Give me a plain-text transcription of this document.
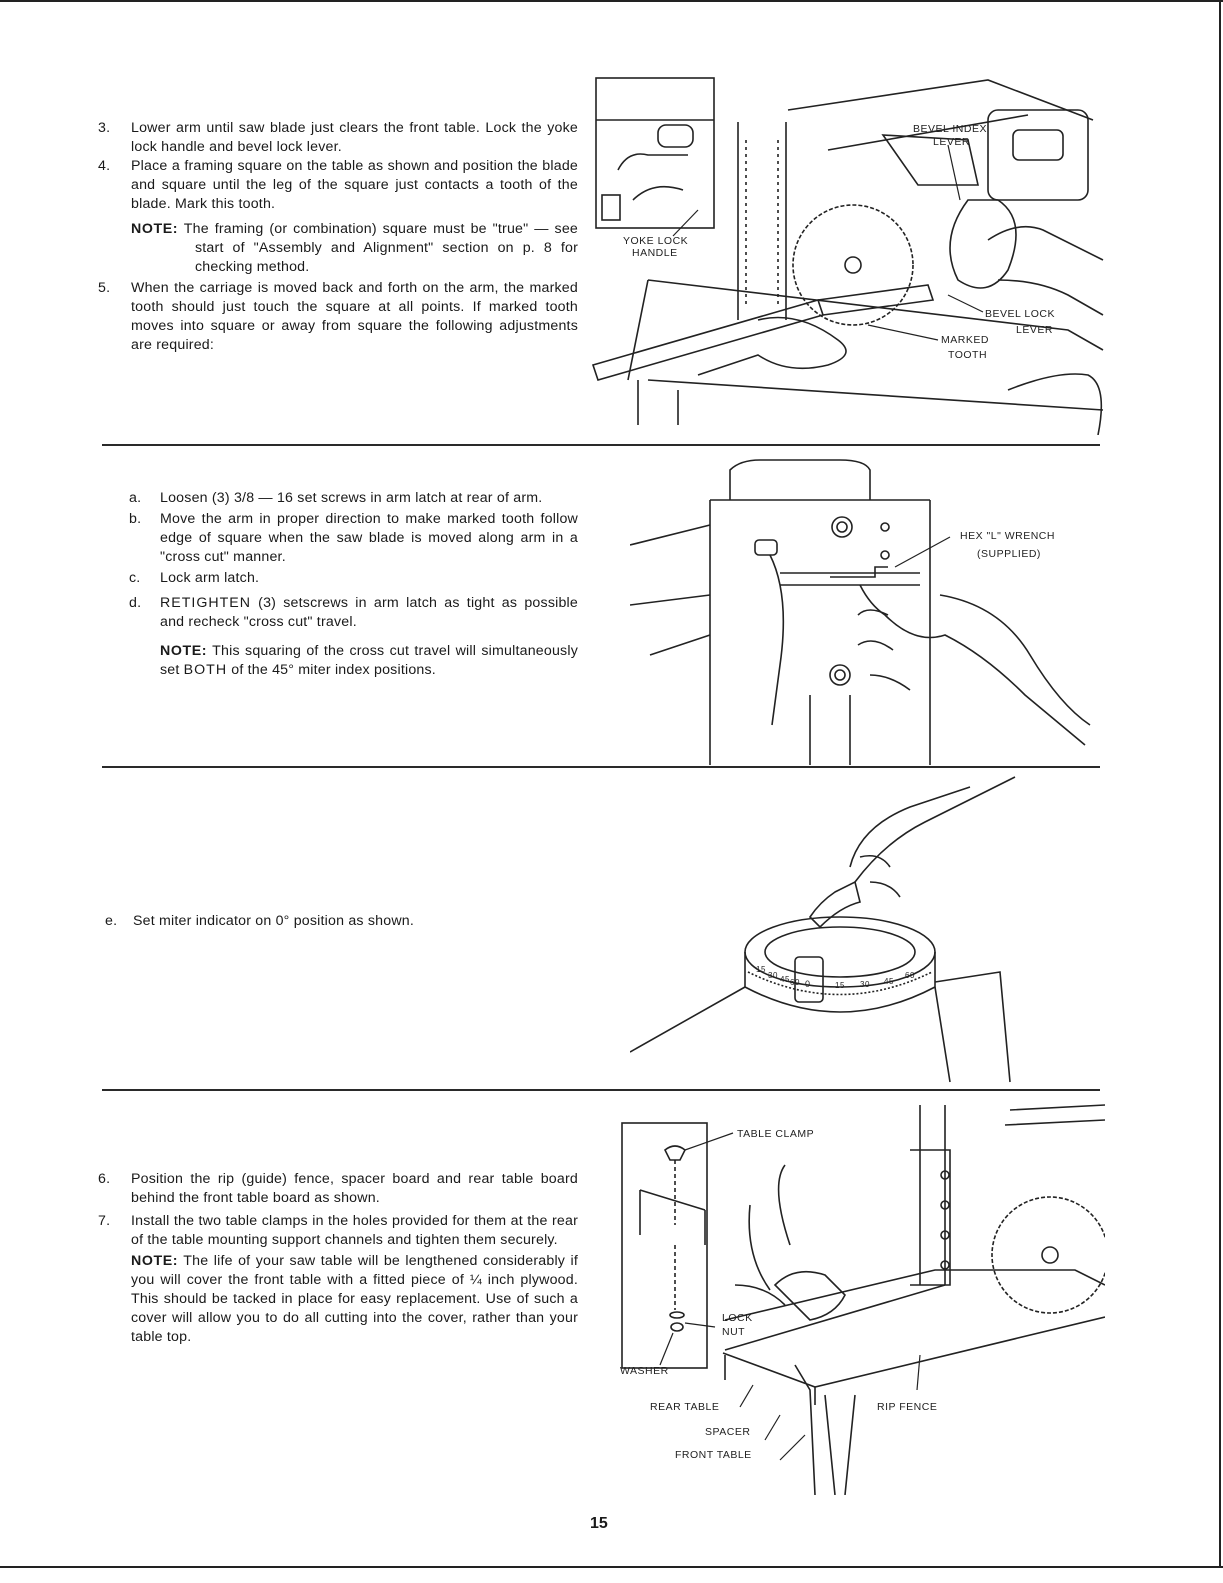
3. Lower arm until saw blade just clears the front table. Lock the yoke lock handle and bevel lock lever.
4. Place a framing square on the table as shown and position the blade and square until the leg of the square just contacts a tooth of the blade. Mark this tooth.
NOTE: The framing (or combination) square must be "true" — see start of "Assembly and Alignment" section on p. 8 for checking method.
5. When the carriage is moved back and forth on the arm, the marked tooth should just touch the square at all points. If marked tooth moves into square or away from square the following adjustments are required:
BEVEL INDEX
LEVER
YOKE LOCK
HANDLE
BEVEL LOCK
LEVER
MARKED
TOOTH
a. Loosen (3) 3/8 — 16 set screws in arm latch at rear of arm.
b. Move the arm in proper direction to make marked tooth follow edge of square when the saw blade is moved along arm in a "cross cut" manner.
c. Lock arm latch.
d. RETIGHTEN (3) setscrews in arm latch as tight as possible and recheck "cross cut" travel.
NOTE: This squaring of the cross cut travel will simultaneously set BOTH of the 45° miter index positions.
HEX "L" WRENCH
(SUPPLIED)
e. Set miter indicator on 0° position as shown.
15
30 45 60 0	15 30 45
60
6. Position the rip (guide) fence, spacer board and rear table board behind the front table board as shown.
7. Install the two table clamps in the holes provided for them at the rear of the table mounting support channels and tighten them securely.
NOTE: The life of your saw table will be lengthened considerably if you will cover the front table with a fitted piece of ¼ inch plywood. This should be tacked in place for easy replacement. Use of such a cover will allow you to do all cutting into the cover, rather than your table top.
TABLE CLAMP
LOCK
NUT
WASHER
REAR TABLE
SPACER
FRONT TABLE
RIP FENCE
15
